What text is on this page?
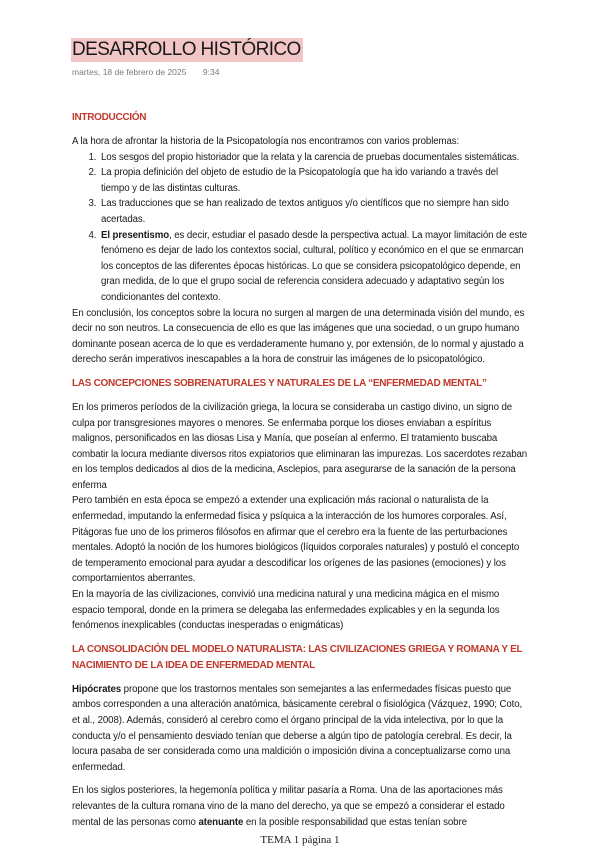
DESARROLLO HISTÓRICO
martes, 18 de febrero de 2025 9:34
INTRODUCCIÓN

A la hora de afrontar la historia de la Psicopatología nos encontramos con varios problemas:

1. Los sesgos del propio historiador que la relata y la carencia de pruebas documentales sistemáticas.
2. La propia definición del objeto de estudio de la Psicopatología que ha ido variando a través del tiempo y de las distintas culturas.
3. Las traducciones que se han realizado de textos antiguos y/o científicos que no siempre han sido acertadas.
4. El presentismo, es decir, estudiar el pasado desde la perspectiva actual. La mayor limitación de este fenómeno es dejar de lado los contextos social, cultural, político y económico en el que se enmarcan los conceptos de las diferentes épocas históricas. Lo que se considera psicopatológico depende, en gran medida, de lo que el grupo social de referencia considera adecuado y adaptativo según los condicionantes del contexto.

En conclusión, los conceptos sobre la locura no surgen al margen de una determinada visión del mundo, es decir no son neutros. La consecuencia de ello es que las imágenes que una sociedad, o un grupo humano dominante posean acerca de lo que es verdaderamente humano y, por extensión, de lo normal y ajustado a derecho serán imperativos inescapables a la hora de construir las imágenes de lo psicopatológico.

LAS CONCEPCIONES SOBRENATURALES Y NATURALES DE LA “ENFERMEDAD MENTAL”

En los primeros períodos de la civilización griega, la locura se consideraba un castigo divino, un signo de culpa por transgresiones mayores o menores. Se enfermaba porque los dioses enviaban a espíritus malignos, personificados en las diosas Lisa y Manía, que poseían al enfermo. El tratamiento buscaba combatir la locura mediante diversos ritos expiatorios que eliminaran las impurezas. Los sacerdotes rezaban en los templos dedicados al dios de la medicina, Asclepios, para asegurarse de la sanación de la persona enferma

Pero también en esta época se empezó a extender una explicación más racional o naturalista de la enfermedad, imputando la enfermedad física y psíquica a la interacción de los humores corporales. Así, Pitágoras fue uno de los primeros filósofos en afirmar que el cerebro era la fuente de las perturbaciones mentales. Adoptó la noción de los humores biológicos (líquidos corporales naturales) y postuló el concepto de temperamento emocional para ayudar a descodificar los orígenes de las pasiones (emociones) y los comportamientos aberrantes.

En la mayoría de las civilizaciones, convivió una medicina natural y una medicina mágica en el mismo espacio temporal, donde en la primera se delegaba las enfermedades explicables y en la segunda los fenómenos inexplicables (conductas inesperadas o enigmáticas)

LA CONSOLIDACIÓN DEL MODELO NATURALISTA: LAS CIVILIZACIONES GRIEGA Y ROMANA Y EL NACIMIENTO DE LA IDEA DE ENFERMEDAD MENTAL

Hipócrates propone que los trastornos mentales son semejantes a las enfermedades físicas puesto que ambos corresponden a una alteración anatómica, básicamente cerebral o fisiológica (Vázquez, 1990; Coto, et al., 2008). Además, consideró al cerebro como el órgano principal de la vida intelectiva, por lo que la conducta y/o el pensamiento desviado tenían que deberse a algún tipo de patología cerebral. Es decir, la locura pasaba de ser considerada como una maldición o imposición divina a conceptualizarse como una enfermedad.

En los siglos posteriores, la hegemonía política y militar pasaría a Roma. Una de las aportaciones más relevantes de la cultura romana vino de la mano del derecho, ya que se empezó a considerar el estado mental de las personas como atenuante en la posible responsabilidad que estas tenían sobre

TEMA 1 página 1
